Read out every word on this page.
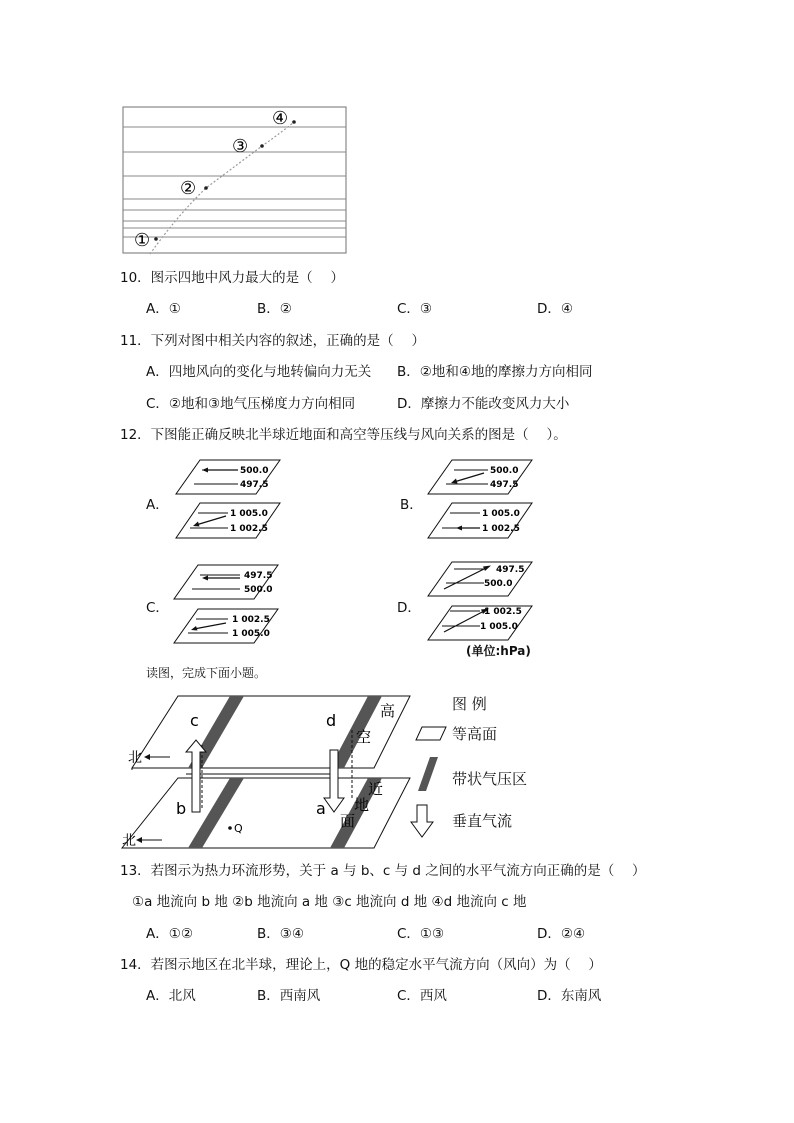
①
②
③
④
10．图示四地中风力最大的是（　 ）
A．①	B．②	C．③	D．④
11．下列对图中相关内容的叙述，正确的是（　 ）
A．四地风向的变化与地转偏向力无关 B．②地和④地的摩擦力方向相同
C．②地和③地气压梯度力方向相同	D．摩擦力不能改变风力大小
12．下图能正确反映北半球近地面和高空等压线与风向关系的图是（　 ）。
A．	B．
C．	D．
500.0
497.5
1 005.0
1 002.5
500.0
497.5
1 005.0
1 002.5
497.5
500.0
1 002.5
1 005.0
497.5
500.0
1 002.5
1 005.0
(单位:hPa)
读图，完成下面小题。
北
北
c	d
b	a
Q
高
空
近
地
面
图 例
等高面
带状气压区
垂直气流
13．若图示为热力环流形势，关于 a 与 b、c 与 d 之间的水平气流方向正确的是（　 ）
①a 地流向 b 地 ②b 地流向 a 地 ③c 地流向 d 地 ④d 地流向 c 地
A．①②	B．③④	C．①③	D．②④
14．若图示地区在北半球，理论上，Q 地的稳定水平气流方向（风向）为（　 ）
A．北风	B．西南风	C．西风	D．东南风
